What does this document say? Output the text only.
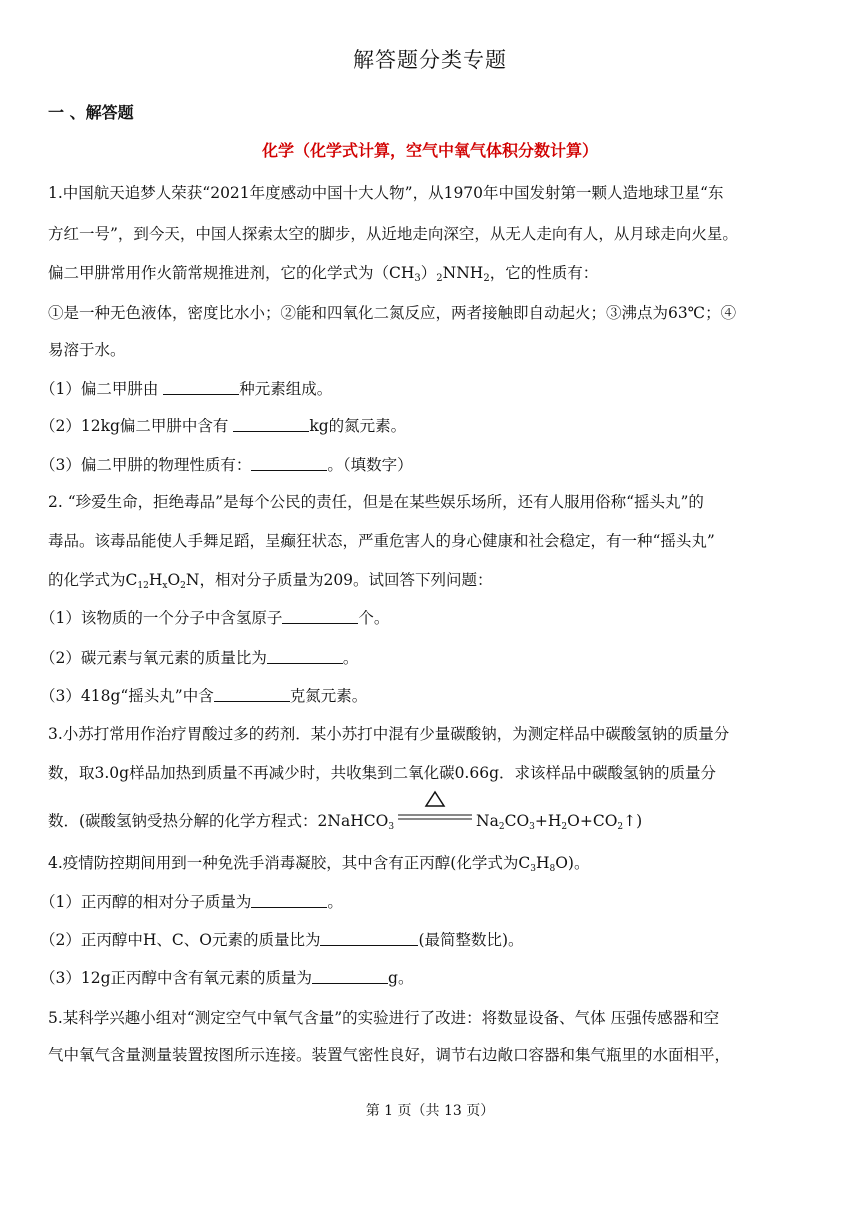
解答题分类专题
一 、解答题
化学（化学式计算，空气中氧气体积分数计算）
1.中国航天追梦人荣获“2021年度感动中国十大人物”，从1970年中国发射第一颗人造地球卫星“东
方红一号”，到今天，中国人探索太空的脚步，从近地走向深空，从无人走向有人，从月球走向火星。
偏二甲肼常用作火箭常规推进剂，它的化学式为$(CH_3)_2NNH_2$，它的性质有：
①是一种无色液体，密度比水小；②能和四氧化二氮反应，两者接触即自动起火；③沸点为63℃；④
易溶于水。
（1）偏二甲肼由	种元素组成。
（2）12kg偏二甲肼中含有	kg的氮元素。
（3）偏二甲肼的物理性质有：	。（填数字）
2. “珍爱生命，拒绝毒品”是每个公民的责任，但是在某些娱乐场所，还有人服用俗称“摇头丸”的
毒品。该毒品能使人手舞足蹈，呈癫狂状态，严重危害人的身心健康和社会稳定，有一种“摇头丸”
的化学式为C12HxO2N，相对分子质量为209。试回答下列问题：
（1）该物质的一个分子中含氢原子	个。
（2）碳元素与氧元素的质量比为	。
（3）418g“摇头丸”中含	克氮元素。
3.小苏打常用作治疗胃酸过多的药剂．某小苏打中混有少量碳酸钠，为测定样品中碳酸氢钠的质量分
数，取3.0g样品加热到质量不再减少时，共收集到二氧化碳0.66g．求该样品中碳酸氢钠的质量分
数．(碳酸氢钠受热分解的化学方程式：2NaHCO3	Na2CO3+H2O+CO2↑)
4.疫情防控期间用到一种免洗手消毒凝胶，其中含有正丙醇(化学式为C3H8O)。
（1）正丙醇的相对分子质量为	。
（2）正丙醇中H、C、O元素的质量比为	(最简整数比)。
（3）12g正丙醇中含有氧元素的质量为	g。
5.某科学兴趣小组对“测定空气中氧气含量”的实验进行了改进：将数显设备、气体 压强传感器和空
气中氧气含量测量装置按图所示连接。装置气密性良好，调节右边敞口容器和集气瓶里的水面相平，
第 1 页（共 13 页）
